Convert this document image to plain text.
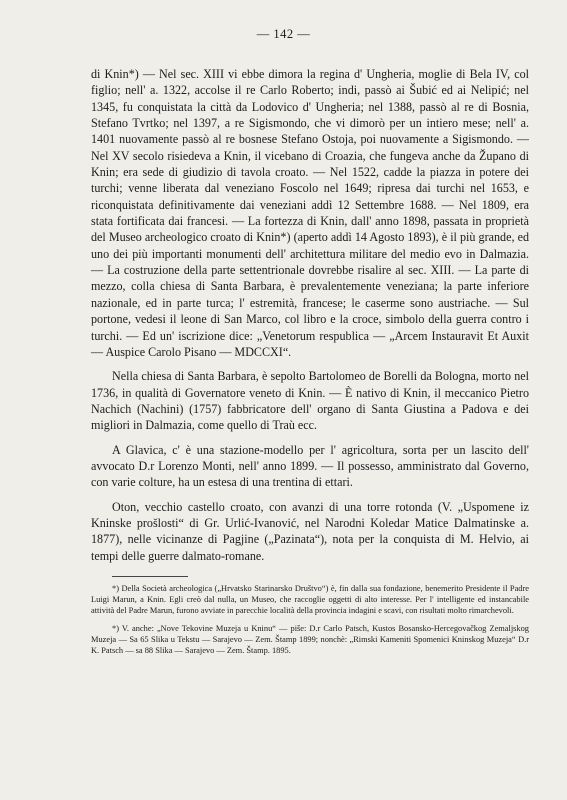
— 142 —

di Knin*) — Nel sec. XIII vi ebbe dimora la regina d' Ungheria, moglie di Bela IV, col figlio; nell' a. 1322, accolse il re Carlo Roberto; indi, passò ai Šubić ed ai Nelipić; nel 1345, fu conquistata la città da Lodovico d' Ungheria; nel 1388, passò al re di Bosnia, Stefano Tvrtko; nel 1397, a re Sigismondo, che vi dimorò per un intiero mese; nell' a. 1401 nuovamente passò al re bosnese Stefano Ostoja, poi nuovamente a Sigismondo. — Nel XV secolo risiedeva a Knin, il vicebano di Croazia, che fungeva anche da Župano di Knin; era sede di giudizio di tavola croato. — Nel 1522, cadde la piazza in potere dei turchi; venne liberata dal veneziano Foscolo nel 1649; ripresa dai turchi nel 1653, e riconquistata definitivamente dai veneziani addì 12 Settembre 1688. — Nel 1809, era stata fortificata dai francesi. — La fortezza di Knin, dall' anno 1898, passata in proprietà del Museo archeologico croato di Knin*) (aperto addì 14 Agosto 1893), è il più grande, ed uno dei più importanti monumenti dell' architettura militare del medio evo in Dalmazia. — La costruzione della parte settentrionale dovrebbe risalire al sec. XIII. — La parte di mezzo, colla chiesa di Santa Barbara, è prevalentemente veneziana; la parte inferiore nazionale, ed in parte turca; l' estremità, francese; le caserme sono austriache. — Sul portone, vedesi il leone di San Marco, col libro e la croce, simbolo della guerra contro i turchi. — Ed un' iscrizione dice: „Venetorum respublica — „Arcem Instauravit Et Auxit — Auspice Carolo Pisano — MDCCXI“.

Nella chiesa di Santa Barbara, è sepolto Bartolomeo de Borelli da Bologna, morto nel 1736, in qualità di Governatore veneto di Knin. — È nativo di Knin, il meccanico Pietro Nachich (Nachini) (1757) fabbricatore dell' organo di Santa Giustina a Padova e dei migliori in Dalmazia, come quello di Traù ecc.

A Glavica, c' è una stazione-modello per l' agricoltura, sorta per un lascito dell' avvocato D.r Lorenzo Monti, nell' anno 1899. — Il possesso, amministrato dal Governo, con varie colture, ha un estesa di una trentina di ettari.

Oton, vecchio castello croato, con avanzi di una torre rotonda (V. „Uspomene iz Kninske prošlosti“ di Gr. Urlić-Ivanović, nel Narodni Koledar Matice Dalmatinske a. 1877), nelle vicinanze di Pagjine („Pazinata“), nota per la conquista di M. Helvio, ai tempi delle guerre dalmato-romane.

*) Della Società archeologica („Hrvatsko Starinarsko Društvo“) è, fin dalla sua fondazione, benemerito Presidente il Padre Luigi Marun, a Knin. Egli creò dal nulla, un Museo, che raccoglie oggetti di alto interesse. Per l' intelligente ed instancabile attività del Padre Marun, furono avviate in parecchie località della provincia indagini e scavi, con risultati molto rimarchevoli.

*) V. anche: „Nove Tekovine Muzeja u Kninu“ — piše: D.r Carlo Patsch, Kustos Bosansko-Hercegovačkog Zemaljskog Muzeja — Sa 65 Slika u Tekstu — Sarajevo — Zem. Štamp 1899; nonchè: „Rimski Kameniti Spomenici Kninskog Muzeja“ D.r K. Patsch — sa 88 Slika — Sarajevo — Zem. Štamp. 1895.
